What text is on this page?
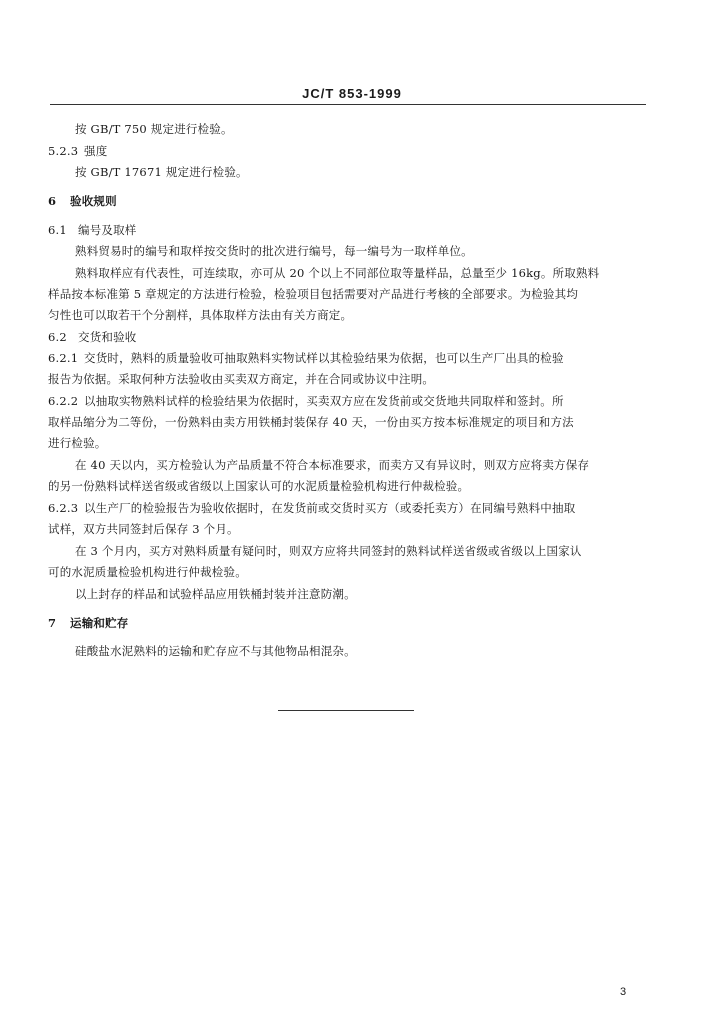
JC/T 853-1999
按 GB/T 750 规定进行检验。
5.2.3 强度
按 GB/T 17671 规定进行检验。
6 验收规则
6.1 编号及取样
熟料贸易时的编号和取样按交货时的批次进行编号，每一编号为一取样单位。
熟料取样应有代表性，可连续取，亦可从 20 个以上不同部位取等量样品，总量至少 16kg。所取熟料
样品按本标准第 5 章规定的方法进行检验，检验项目包括需要对产品进行考核的全部要求。为检验其均
匀性也可以取若干个分割样，具体取样方法由有关方商定。
6.2 交货和验收
6.2.1 交货时，熟料的质量验收可抽取熟料实物试样以其检验结果为依据，也可以生产厂出具的检验
报告为依据。采取何种方法验收由买卖双方商定，并在合同或协议中注明。
6.2.2 以抽取实物熟料试样的检验结果为依据时，买卖双方应在发货前或交货地共同取样和签封。所
取样品缩分为二等份，一份熟料由卖方用铁桶封装保存 40 天，一份由买方按本标准规定的项目和方法
进行检验。
在 40 天以内，买方检验认为产品质量不符合本标准要求，而卖方又有异议时，则双方应将卖方保存
的另一份熟料试样送省级或省级以上国家认可的水泥质量检验机构进行仲裁检验。
6.2.3 以生产厂的检验报告为验收依据时，在发货前或交货时买方（或委托卖方）在同编号熟料中抽取
试样，双方共同签封后保存 3 个月。
在 3 个月内，买方对熟料质量有疑问时，则双方应将共同签封的熟料试样送省级或省级以上国家认
可的水泥质量检验机构进行仲裁检验。
以上封存的样品和试验样品应用铁桶封装并注意防潮。
7 运输和贮存
硅酸盐水泥熟料的运输和贮存应不与其他物品相混杂。
3
